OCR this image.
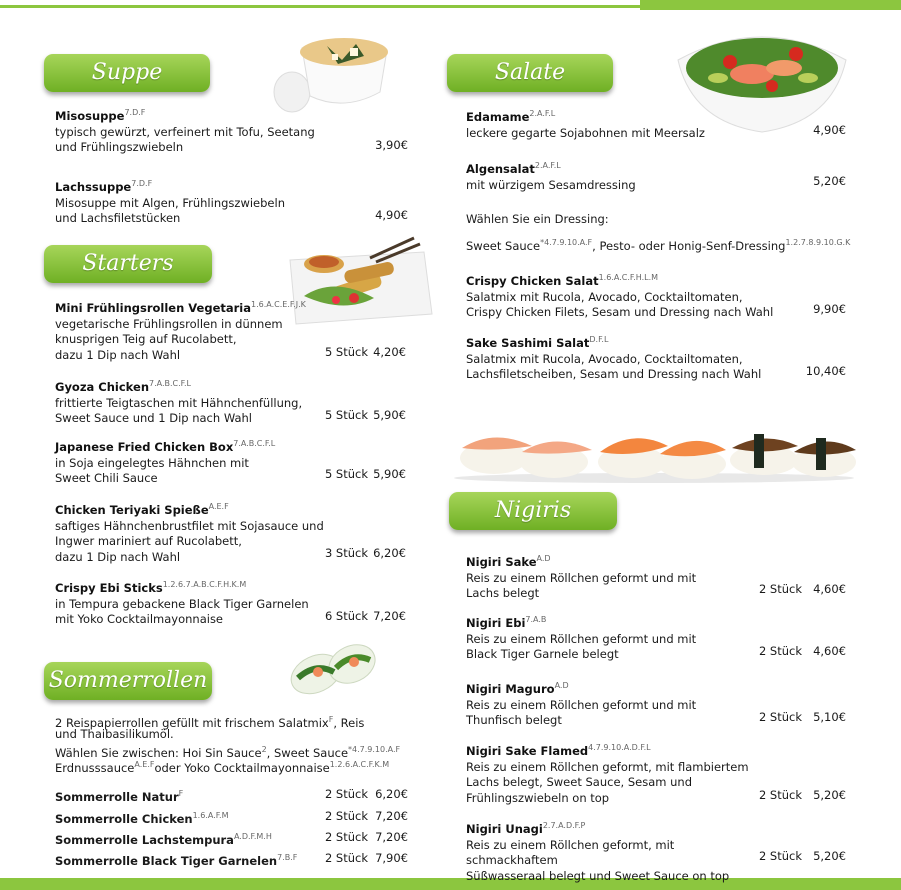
Suppe
Starters
Sommerrollen
Salate
Nigiris
Misosuppe$^{7.D.F}$
typisch gewürzt, verfeinert mit Tofu, Seetang
und Frühlingszwiebeln	3,90€
Lachssuppe$^{7.D.F}$
Misosuppe mit Algen, Frühlingszwiebeln
und Lachsfiletstücken	4,90€
Mini Frühlingsrollen Vegetaria$^{1.6.A.C.E.F.J.K}$
vegetarische Frühlingsrollen in dünnem
knusprigen Teig auf Rucolabett,
dazu 1 Dip nach Wahl	5 Stück 4,20€
Gyoza Chicken$^{7.A.B.C.F.L}$
frittierte Teigtaschen mit Hähnchenfüllung,
Sweet Sauce und 1 Dip nach Wahl	5 Stück 5,90€
Japanese Fried Chicken Box$^{7.A.B.C.F.L}$
in Soja eingelegtes Hähnchen mit
Sweet Chili Sauce	5 Stück 5,90€
Chicken Teriyaki Spieße$^{A.E.F}$
saftiges Hähnchenbrustfilet mit Sojasauce und
Ingwer mariniert auf Rucolabett,
dazu 1 Dip nach Wahl	3 Stück 6,20€
Crispy Ebi Sticks$^{1.2.6.7.A.B.C.F.H.K.M}$
in Tempura gebackene Black Tiger Garnelen
mit Yoko Cocktailmayonnaise	6 Stück 7,20€
2 Reispapierrollen gefüllt mit frischem Salatmix$^F$, Reis
und Thaibasilikumöl.
Wählen Sie zwischen: Hoi Sin Sauce$^2$, Sweet Sauce$^{*4.7.9.10.A.F}$
Erdnusssauce$^{A.E.F}$oder Yoko Cocktailmayonnaise$^{1.2.6.A.C.F.K.M}$
Sommerrolle Natur$^F$	2 Stück 6,20€
Sommerrolle Chicken$^{1.6.A.F.M}$	2 Stück 7,20€
Sommerrolle Lachstempura$^{A.D.F.M.H}$	2 Stück 7,20€
Sommerrolle Black Tiger Garnelen$^{7.B.F}$	2 Stück 7,90€
Edamame$^{2.A.F.L}$
leckere gegarte Sojabohnen mit Meersalz	4,90€
Algensalat$^{2.A.F.L}$
mit würzigem Sesamdressing	5,20€
Wählen Sie ein Dressing:
Sweet Sauce$^{*4.7.9.10.A.F}$, Pesto- oder Honig-Senf-Dressing$^{1.2.7.8.9.10.G.K}$
Crispy Chicken Salat$^{1.6.A.C.F.H.L.M}$
Salatmix mit Rucola, Avocado, Cocktailtomaten,
Crispy Chicken Filets, Sesam und Dressing nach Wahl	9,90€
Sake Sashimi Salat$^{D.F.L}$
Salatmix mit Rucola, Avocado, Cocktailtomaten,
Lachsfiletscheiben, Sesam und Dressing nach Wahl	10,40€
Nigiri Sake$^{A.D}$
Reis zu einem Röllchen geformt und mit
Lachs belegt	2 Stück 4,60€
Nigiri Ebi$^{7.A.B}$
Reis zu einem Röllchen geformt und mit
Black Tiger Garnele belegt	2 Stück 4,60€
Nigiri Maguro$^{A.D}$
Reis zu einem Röllchen geformt und mit
Thunfisch belegt	2 Stück 5,10€
Nigiri Sake Flamed$^{4.7.9.10.A.D.F.L}$
Reis zu einem Röllchen geformt, mit flambiertem
Lachs belegt, Sweet Sauce, Sesam und
Frühlingszwiebeln on top	2 Stück 5,20€
Nigiri Unagi$^{2.7.A.D.F.P}$
Reis zu einem Röllchen geformt, mit schmackhaftem
Süßwasseraal belegt und Sweet Sauce on top
2 Stück 5,20€
